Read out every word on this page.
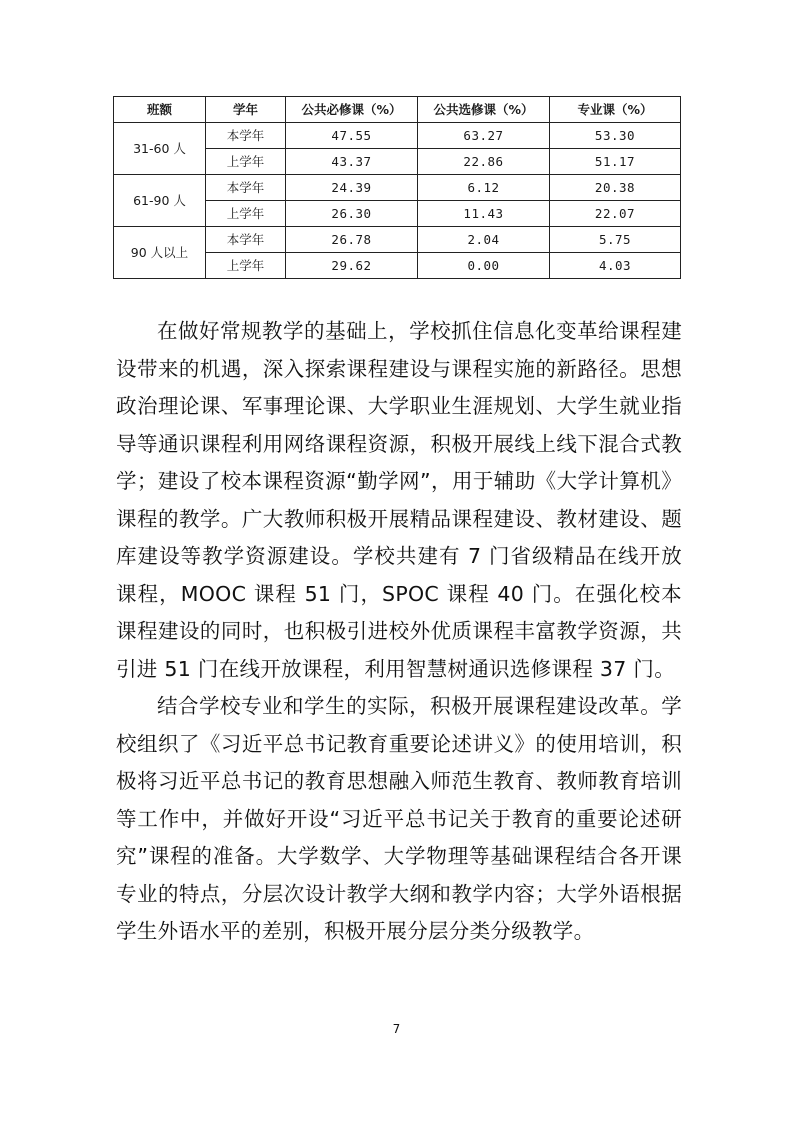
班额	学年	公共必修课（%）	公共选修课（%）	专业课（%）
31-60 人	本学年	47.55	63.27	53.30
	上学年	43.37	22.86	51.17
61-90 人	本学年	24.39	6.12	20.38
	上学年	26.30	11.43	22.07
90 人以上	本学年	26.78	2.04	5.75
	上学年	29.62	0.00	4.03

在做好常规教学的基础上，学校抓住信息化变革给课程建设带来的机遇，深入探索课程建设与课程实施的新路径。思想政治理论课、军事理论课、大学职业生涯规划、大学生就业指导等通识课程利用网络课程资源，积极开展线上线下混合式教学；建设了校本课程资源“勤学网”，用于辅助《大学计算机》课程的教学。广大教师积极开展精品课程建设、教材建设、题库建设等教学资源建设。学校共建有 7 门省级精品在线开放课程，MOOC 课程 51 门，SPOC 课程 40 门。在强化校本课程建设的同时，也积极引进校外优质课程丰富教学资源，共引进 51 门在线开放课程，利用智慧树通识选修课程 37 门。

结合学校专业和学生的实际，积极开展课程建设改革。学校组织了《习近平总书记教育重要论述讲义》的使用培训，积极将习近平总书记的教育思想融入师范生教育、教师教育培训等工作中，并做好开设“习近平总书记关于教育的重要论述研究”课程的准备。大学数学、大学物理等基础课程结合各开课专业的特点，分层次设计教学大纲和教学内容；大学外语根据学生外语水平的差别，积极开展分层分类分级教学。

7
